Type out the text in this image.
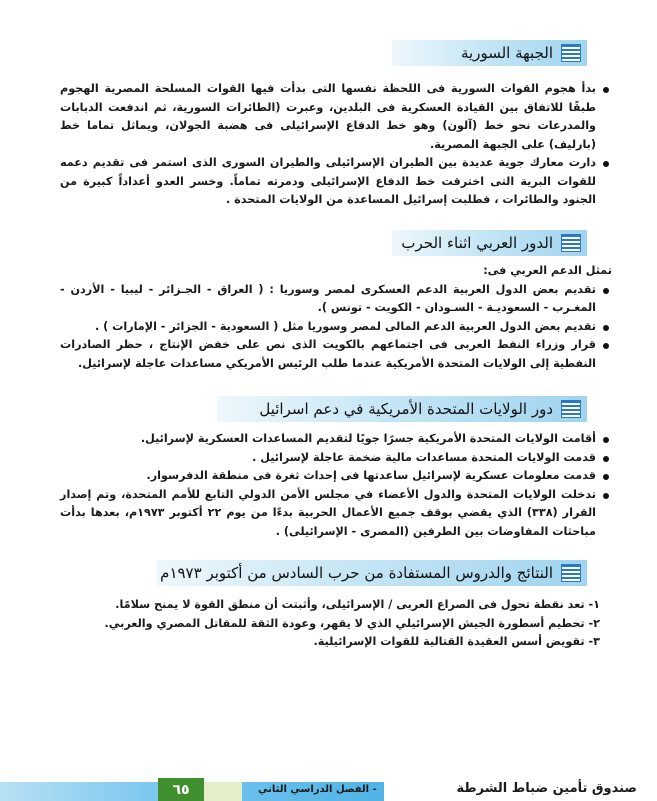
الجبهة السورية
بدأ هجوم القوات السورية فى اللحظة نفسها التى بدأت فيها القوات المسلحة المصرية الهجوم طبقًا للاتفاق بين القيادة العسكرية فى البلدين، وعبرت (الطائرات السورية، ثم اندفعت الدبابات والمدرعات نحو خط (آلون) وهو خط الدفاع الإسرائيلى فى هضبة الجولان، ويماثل تماما خط (بارليف) على الجبهة المصرية.
دارت معارك جوية عديدة بين الطيران الإسرائيلى والطيران السورى الذى استمر فى تقديم دعمه للقوات البرية التى اخترقت خط الدفاع الإسرائيلى ودمرته تماماً. وخسر العدو أعداداً كبيرة من الجنود والطائرات ، فطلبت إسرائيل المساعدة من الولايات المتحدة .
الدور العربي اثناء الحرب

تمثل الدعم العربي فى:

تقديم بعض الدول العربية الدعم العسكرى لمصر وسوريا : ( العراق - الجـزائر - ليبيا - الأردن - المغـرب - السعوديـة - السـودان - الكويت - تونس ).
تقديم بعض الدول العربية الدعم المالى لمصر وسوريا مثل ( السعودية - الجزائر - الإمارات ) .
قرار وزراء النفط العربى فى اجتماعهم بالكويت الذى نص على خفض الإنتاج ، حظر الصادرات النفطية إلى الولايات المتحدة الأمريكية عندما طلب الرئيس الأمريكي مساعدات عاجلة لإسرائيل.
دور الولايات المتحدة الأمريكية في دعم اسرائيل
أقامت الولايات المتحدة الأمريكية جسرًا جويًا لتقديم المساعدات العسكرية لإسرائيل.
قدمت الولايات المتحدة مساعدات مالية ضخمة عاجلة لإسرائيل .
قدمت معلومات عسكرية لإسرائيل ساعدتها فى إحداث ثغرة فى منطقة الدفرسوار.
تدخلت الولايات المتحدة والدول الأعضاء في مجلس الأمن الدولي التابع للأمم المتحدة، وتم إصدار القرار (٣٣٨) الذي يقضي بوقف جميع الأعمال الحربية بدءًا من يوم ٢٢ أكتوبر ١٩٧٣م، بعدها بدأت مباحثات المفاوضات بين الطرفين (المصرى - الإسرائيلى) .
النتائج والدروس المستفادة من حرب السادس من أكتوبر ١٩٧٣م
١- تعد نقطة تحول فى الصراع العربى / الإسرائيلى، وأثبتت أن منطق القوة لا يمنح سلامًا.
٢- تحطيم أسطورة الجيش الإسرائيلي الذي لا يقهر، وعودة الثقة للمقاتل المصري والعربي.
٣- تقويض أسس العقيدة القتالية للقوات الإسرائيلية.
٦٥	- الفصل الدراسي الثاني	صندوق تأمين ضباط الشرطة
